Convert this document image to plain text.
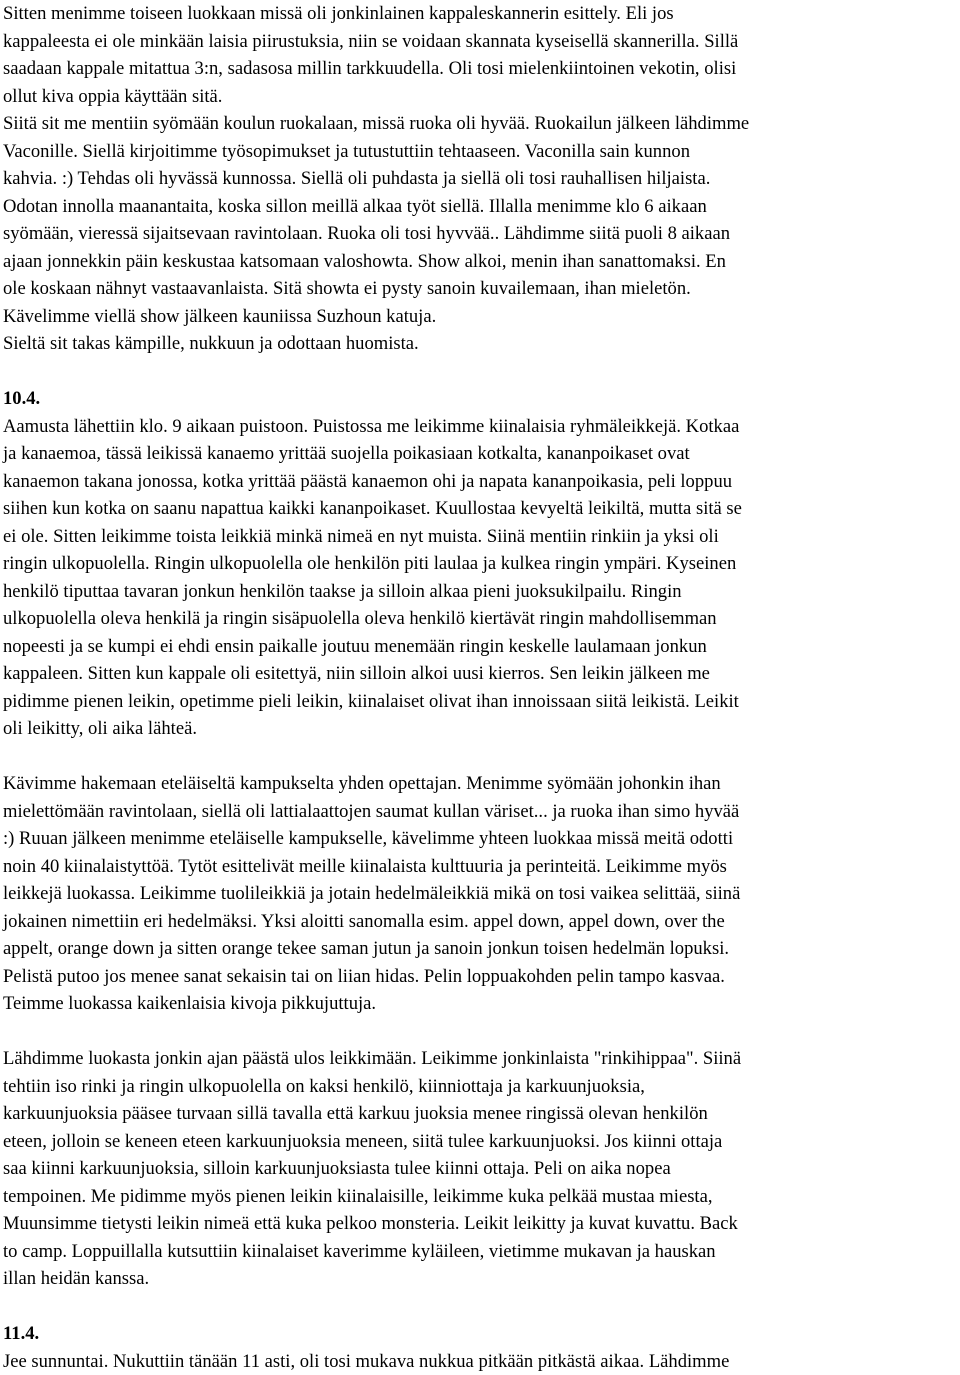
Sitten menimme toiseen luokkaan missä oli jonkinlainen kappaleskannerin esittely. Eli jos
kappaleesta ei ole minkään laisia piirustuksia, niin se voidaan skannata kyseisellä skannerilla. Sillä
saadaan kappale mitattua 3:n, sadasosa millin tarkkuudella. Oli tosi mielenkiintoinen vekotin, olisi
ollut kiva oppia käyttään sitä.
Siitä sit me mentiin syömään koulun ruokalaan, missä ruoka oli hyvää. Ruokailun jälkeen lähdimme
Vaconille. Siellä kirjoitimme työsopimukset ja tutustuttiin tehtaaseen. Vaconilla sain kunnon
kahvia. :) Tehdas oli hyvässä kunnossa. Siellä oli puhdasta ja siellä oli tosi rauhallisen hiljaista.
Odotan innolla maanantaita, koska sillon meillä alkaa työt siellä. Illalla menimme klo 6 aikaan
syömään, vieressä sijaitsevaan ravintolaan. Ruoka oli tosi hyvvää.. Lähdimme siitä puoli 8 aikaan
ajaan jonnekkin päin keskustaa katsomaan valoshowta. Show alkoi, menin ihan sanattomaksi. En
ole koskaan nähnyt vastaavanlaista. Sitä showta ei pysty sanoin kuvailemaan, ihan mieletön.
Kävelimme viellä show jälkeen kauniissa Suzhoun katuja.
Sieltä sit takas kämpille, nukkuun ja odottaan huomista.
10.4.
Aamusta lähettiin klo. 9 aikaan puistoon. Puistossa me leikimme kiinalaisia ryhmäleikkejä. Kotkaa
ja kanaemoa, tässä leikissä kanaemo yrittää suojella poikasiaan kotkalta, kananpoikaset ovat
kanaemon takana jonossa, kotka yrittää päästä kanaemon ohi ja napata kananpoikasia, peli loppuu
siihen kun kotka on saanu napattua kaikki kananpoikaset. Kuullostaa kevyeltä leikiltä, mutta sitä se
ei ole. Sitten leikimme toista leikkiä minkä nimeä en nyt muista. Siinä mentiin rinkiin ja yksi oli
ringin ulkopuolella. Ringin ulkopuolella ole henkilön piti laulaa ja kulkea ringin ympäri. Kyseinen
henkilö tiputtaa tavaran jonkun henkilön taakse ja silloin alkaa pieni juoksukilpailu. Ringin
ulkopuolella oleva henkilä ja ringin sisäpuolella oleva henkilö kiertävät ringin mahdollisemman
nopeesti ja se kumpi ei ehdi ensin paikalle joutuu menemään ringin keskelle laulamaan jonkun
kappaleen. Sitten kun kappale oli esitettyä, niin silloin alkoi uusi kierros. Sen leikin jälkeen me
pidimme pienen leikin, opetimme pieli leikin, kiinalaiset olivat ihan innoissaan siitä leikistä. Leikit
oli leikitty, oli aika lähteä.
Kävimme hakemaan eteläiseltä kampukselta yhden opettajan. Menimme syömään johonkin ihan
mielettömään ravintolaan, siellä oli lattialaattojen saumat kullan väriset... ja ruoka ihan simo hyvää
:) Ruuan jälkeen menimme eteläiselle kampukselle, kävelimme yhteen luokkaa missä meitä odotti
noin 40 kiinalaistyttöä. Tytöt esittelivät meille kiinalaista kulttuuria ja perinteitä. Leikimme myös
leikkejä luokassa. Leikimme tuolileikkiä ja jotain hedelmäleikkiä mikä on tosi vaikea selittää, siinä
jokainen nimettiin eri hedelmäksi. Yksi aloitti sanomalla esim. appel down, appel down, over the
appelt, orange down ja sitten orange tekee saman jutun ja sanoin jonkun toisen hedelmän lopuksi.
Pelistä putoo jos menee sanat sekaisin tai on liian hidas. Pelin loppuakohden pelin tampo kasvaa.
Teimme luokassa kaikenlaisia kivoja pikkujuttuja.
Lähdimme luokasta jonkin ajan päästä ulos leikkimään. Leikimme jonkinlaista "rinkihippaa". Siinä
tehtiin iso rinki ja ringin ulkopuolella on kaksi henkilö, kiinniottaja ja karkuunjuoksia,
karkuunjuoksia pääsee turvaan sillä tavalla että karkuu juoksia menee ringissä olevan henkilön
eteen, jolloin se keneen eteen karkuunjuoksia meneen, siitä tulee karkuunjuoksi. Jos kiinni ottaja
saa kiinni karkuunjuoksia, silloin karkuunjuoksiasta tulee kiinni ottaja. Peli on aika nopea
tempoinen. Me pidimme myös pienen leikin kiinalaisille, leikimme kuka pelkää mustaa miesta,
Muunsimme tietysti leikin nimeä että kuka pelkoo monsteria. Leikit leikitty ja kuvat kuvattu. Back
to camp. Loppuillalla kutsuttiin kiinalaiset kaverimme kyläileen, vietimme mukavan ja hauskan
illan heidän kanssa.
11.4.
Jee sunnuntai. Nukuttiin tänään 11 asti, oli tosi mukava nukkua pitkään pitkästä aikaa. Lähdimme
